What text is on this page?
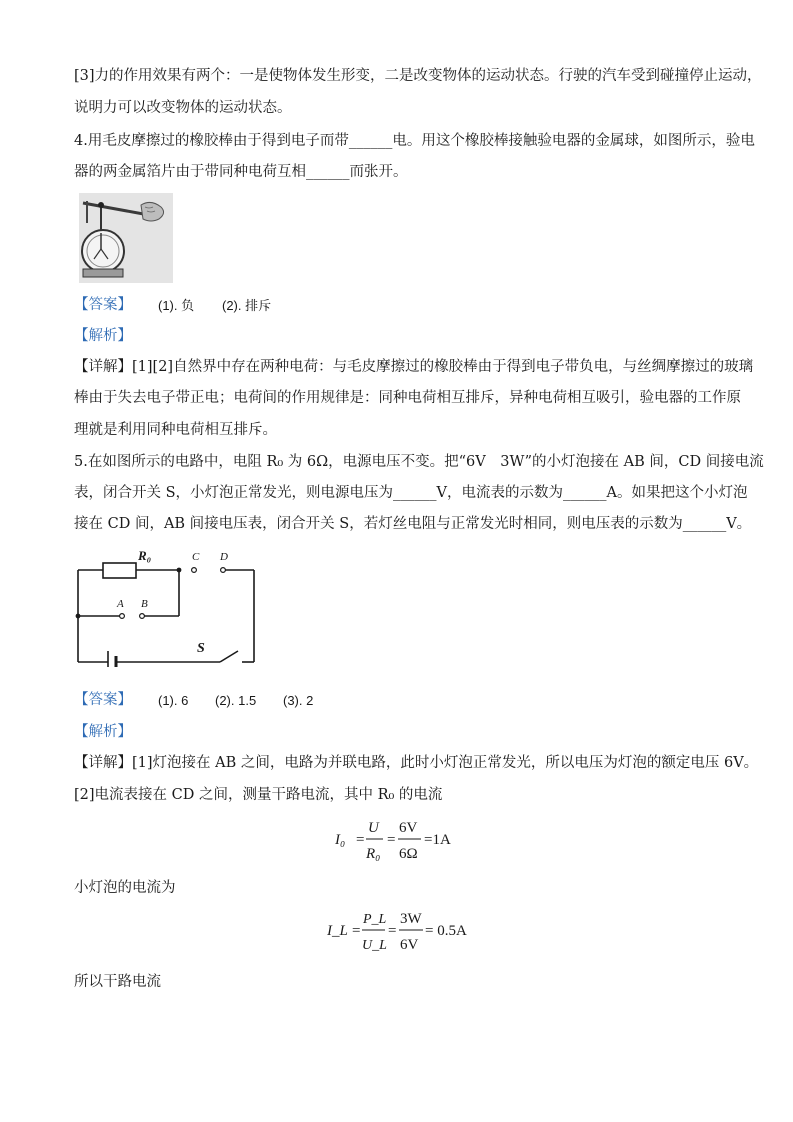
[3]力的作用效果有两个：一是使物体发生形变，二是改变物体的运动状态。行驶的汽车受到碰撞停止运动，
说明力可以改变物体的运动状态。
4.用毛皮摩擦过的橡胶棒由于得到电子而带______电。用这个橡胶棒接触验电器的金属球，如图所示，验电
器的两金属箔片由于带同种电荷互相______而张开。
【答案】 (1). 负 (2). 排斥
【解析】
【详解】[1][2]自然界中存在两种电荷：与毛皮摩擦过的橡胶棒由于得到电子带负电，与丝绸摩擦过的玻璃
棒由于失去电子带正电；电荷间的作用规律是：同种电荷相互排斥，异种电荷相互吸引，验电器的工作原
理就是利用同种电荷相互排斥。
5.在如图所示的电路中，电阻 R₀ 为 6Ω，电源电压不变。把“6V　3W”的小灯泡接在 AB 间，CD 间接电流
表，闭合开关 S，小灯泡正常发光，则电源电压为______V，电流表的示数为______A。如果把这个小灯泡
接在 CD 间，AB 间接电压表，闭合开关 S，若灯丝电阻与正常发光时相同，则电压表的示数为______V。
R₀	C D
A B
S
【答案】 (1). 6 (2). 1.5 (3). 2
【解析】
【详解】[1]灯泡接在 AB 之间，电路为并联电路，此时小灯泡正常发光，所以电压为灯泡的额定电压 6V。
[2]电流表接在 CD 之间，测量干路电流，其中 R₀ 的电流
I₀ =
U
R₀
=
6V
6Ω
=1A
小灯泡的电流为
I_L =
P_L
U_L
=
3W
6V
= 0.5A
所以干路电流
